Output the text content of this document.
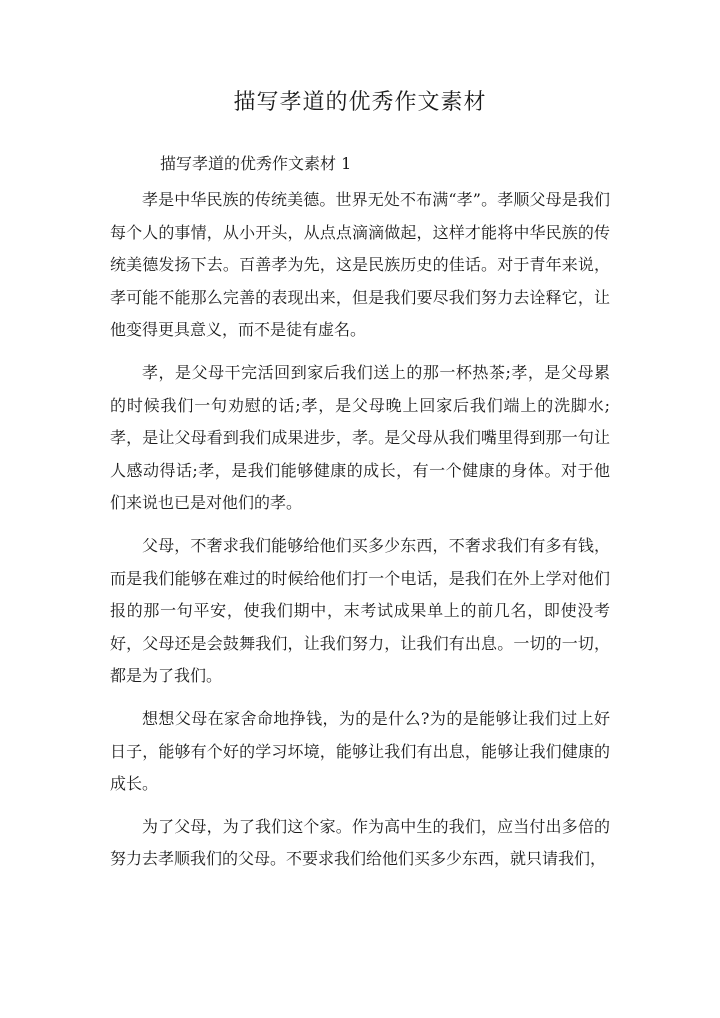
描写孝道的优秀作文素材

描写孝道的优秀作文素材 1

孝是中华民族的传统美德。世界无处不布满“孝”。孝顺父母是我们每个人的事情，从小开头，从点点滴滴做起，这样才能将中华民族的传统美德发扬下去。百善孝为先，这是民族历史的佳话。对于青年来说，孝可能不能那么完善的表现出来，但是我们要尽我们努力去诠释它，让他变得更具意义，而不是徒有虚名。

孝，是父母干完活回到家后我们送上的那一杯热茶;孝，是父母累的时候我们一句劝慰的话;孝，是父母晚上回家后我们端上的洗脚水;孝，是让父母看到我们成果进步，孝。是父母从我们嘴里得到那一句让人感动得话;孝，是我们能够健康的成长，有一个健康的身体。对于他们来说也已是对他们的孝。

父母，不奢求我们能够给他们买多少东西，不奢求我们有多有钱，而是我们能够在难过的时候给他们打一个电话，是我们在外上学对他们报的那一句平安，使我们期中，末考试成果单上的前几名，即使没考好，父母还是会鼓舞我们，让我们努力，让我们有出息。一切的一切，都是为了我们。

想想父母在家舍命地挣钱，为的是什么?为的是能够让我们过上好日子，能够有个好的学习坏境，能够让我们有出息，能够让我们健康的成长。

为了父母，为了我们这个家。作为高中生的我们，应当付出多倍的努力去孝顺我们的父母。不要求我们给他们买多少东西，就只请我们，
